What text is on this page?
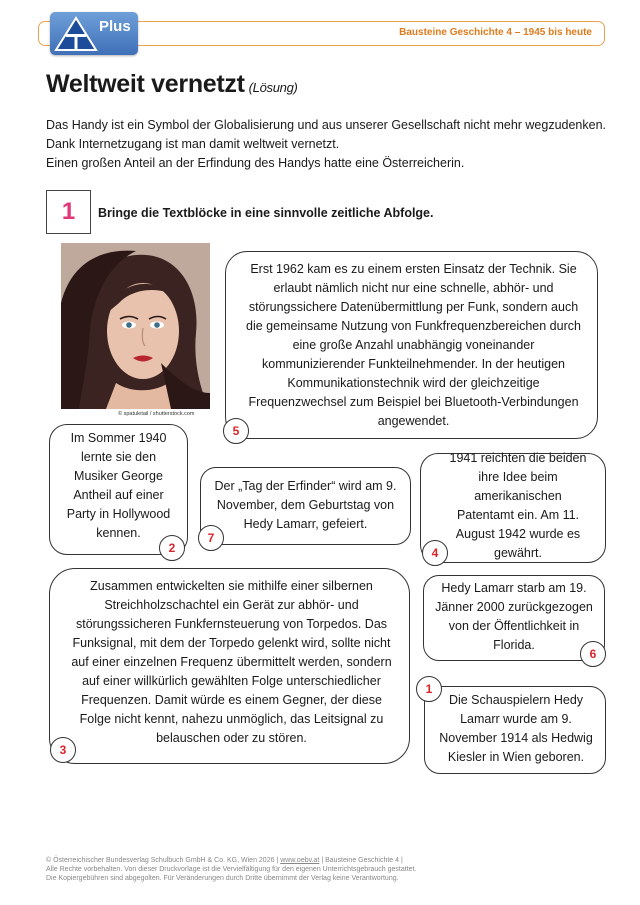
Bausteine Geschichte 4 – 1945 bis heute
Plus
Weltweit vernetzt (Lösung)
Das Handy ist ein Symbol der Globalisierung und aus unserer Gesellschaft nicht mehr wegzudenken.
Dank Internetzugang ist man damit weltweit vernetzt.
Einen großen Anteil an der Erfindung des Handys hatte eine Österreicherin.
1 Bringe die Textblöcke in eine sinnvolle zeitliche Abfolge.
© spatuletail / shutterstock.com
Erst 1962 kam es zu einem ersten Einsatz der Technik. Sie erlaubt nämlich nicht nur eine schnelle, abhör- und störungssichere Datenübermittlung per Funk, sondern auch die gemeinsame Nutzung von Funkfrequenzbereichen durch eine große Anzahl unabhängig voneinander kommunizierender Funkteilnehmender. In der heutigen Kommunikationstechnik wird der gleichzeitige Frequenzwechsel zum Beispiel bei Bluetooth-Verbindungen angewendet.
5
Im Sommer 1940 lernte sie den Musiker George Antheil auf einer Party in Hollywood kennen.
2
Der „Tag der Erfinder“ wird am 9. November, dem Geburtstag von Hedy Lamarr, gefeiert.
7
1941 reichten die beiden ihre Idee beim amerikanischen Patentamt ein. Am 11. August 1942 wurde es gewährt.
4
Zusammen entwickelten sie mithilfe einer silbernen Streichholzschachtel ein Gerät zur abhör- und störungssicheren Funkfernsteuerung von Torpedos. Das Funksignal, mit dem der Torpedo gelenkt wird, sollte nicht auf einer einzelnen Frequenz übermittelt werden, sondern auf einer willkürlich gewählten Folge unterschiedlicher Frequenzen. Damit würde es einem Gegner, der diese Folge nicht kennt, nahezu unmöglich, das Leitsignal zu belauschen oder zu stören.
3
Hedy Lamarr starb am 19. Jänner 2000 zurückgezogen von der Öffentlichkeit in Florida.
6
Die Schauspielern Hedy Lamarr wurde am 9. November 1914 als Hedwig Kiesler in Wien geboren.
1
© Österreichischer Bundesverlag Schulbuch GmbH & Co. KG, Wien 2026 | www.oebv.at | Bausteine Geschichte 4 |
Alle Rechte vorbehalten. Von dieser Druckvorlage ist die Vervielfältigung für den eigenen Unterrichtsgebrauch gestattet.
Die Kopiergebühren sind abgegolten. Für Veränderungen durch Dritte übernimmt der Verlag keine Verantwortung.
